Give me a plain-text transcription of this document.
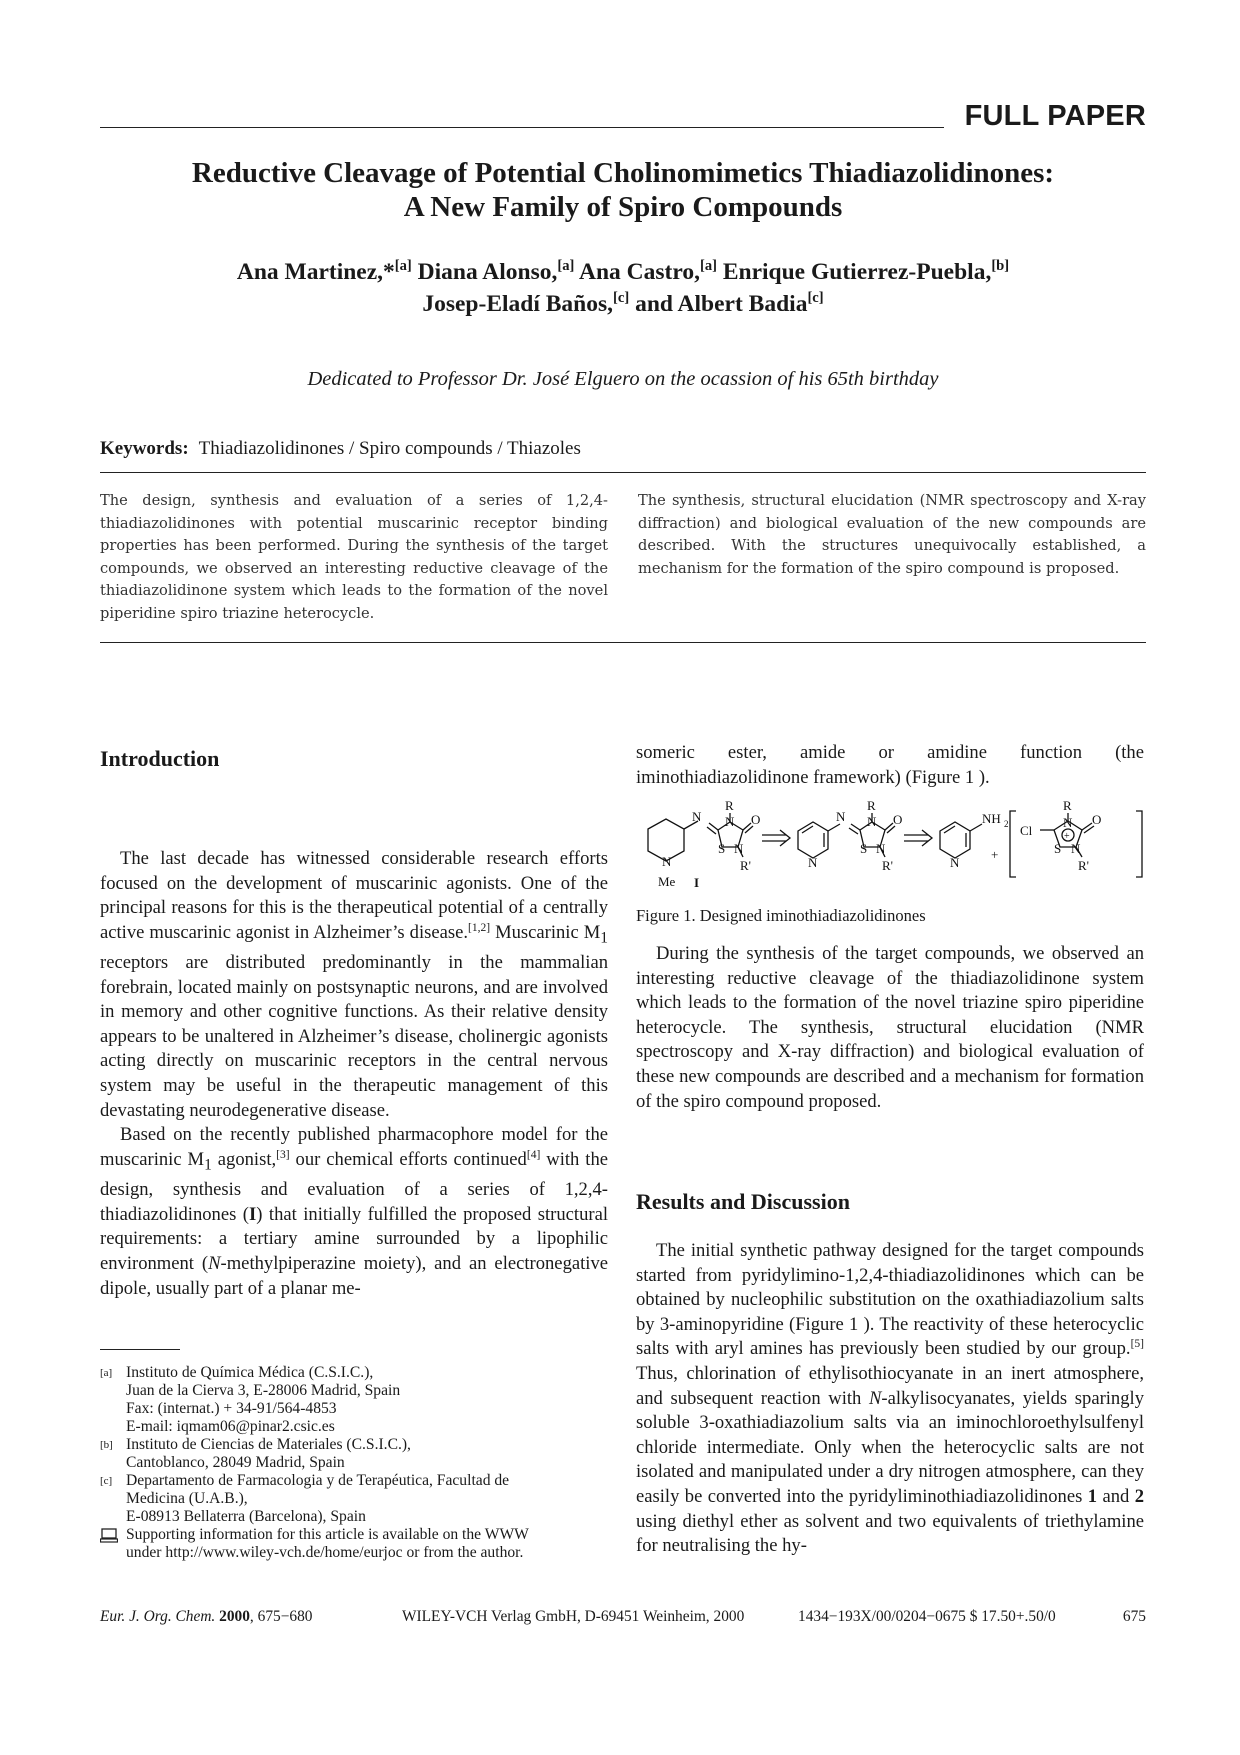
FULL PAPER
Reductive Cleavage of Potential Cholinomimetics Thiadiazolidinones:
A New Family of Spiro Compounds
Ana Martinez,*[a] Diana Alonso,[a] Ana Castro,[a] Enrique Gutierrez-Puebla,[b]
Josep-Eladí Baños,[c] and Albert Badia[c]
Dedicated to Professor Dr. José Elguero on the ocassion of his 65th birthday
Keywords: Thiadiazolidinones / Spiro compounds / Thiazoles
The design, synthesis and evaluation of a series of 1,2,4-thiadiazolidinones with potential muscarinic receptor binding properties has been performed. During the synthesis of the target compounds, we observed an interesting reductive cleavage of the thiadiazolidinone system which leads to the formation of the novel piperidine spiro triazine heterocycle.
The synthesis, structural elucidation (NMR spectroscopy and X-ray diffraction) and biological evaluation of the new compounds are described. With the structures unequivocally established, a mechanism for the formation of the spiro compound is proposed.
Introduction

The last decade has witnessed considerable research efforts focused on the development of muscarinic agonists. One of the principal reasons for this is the therapeutical potential of a centrally active muscarinic agonist in Alzheimer’s disease.[1,2] Muscarinic $M_1$ receptors are distributed predominantly in the mammalian forebrain, located mainly on postsynaptic neurons, and are involved in memory and other cognitive functions. As their relative density appears to be unaltered in Alzheimer’s disease, cholinergic agonists acting directly on muscarinic receptors in the central nervous system may be useful in the therapeutic management of this devastating neurodegenerative disease.

Based on the recently published pharmacophore model for the muscarinic $M_1$ agonist,[3] our chemical efforts continued[4] with the design, synthesis and evaluation of a series of 1,2,4-thiadiazolidinones (I) that initially fulfilled the proposed structural requirements: a tertiary amine surrounded by a lipophilic environment (N-methylpiperazine moiety), and an electronegative dipole, usually part of a planar me-

[a] Instituto de Química Médica (C.S.I.C.),
Juan de la Cierva 3, E-28006 Madrid, Spain
Fax: (internat.) + 34-91/564-4853
E-mail: iqmam06@pinar2.csic.es
[b] Instituto de Ciencias de Materiales (C.S.I.C.),
Cantoblanco, 28049 Madrid, Spain
[c] Departamento de Farmacologia y de Terapéutica, Facultad de
Medicina (U.A.B.),
E-08913 Bellaterra (Barcelona), Spain
Supporting information for this article is available on the WWW
under http://www.wiley-vch.de/home/eurjoc or from the author.

someric ester, amide or amidine function (the iminothiadiazolidinone framework) (Figure 1 ).

N
Me I
N
R
N O
S N
R'	N
N
R
N O
S N
R'	N
NH 2
+
Cl
R
N
+
O
S N
R'
Figure 1. Designed iminothiadiazolidinones

During the synthesis of the target compounds, we observed an interesting reductive cleavage of the thiadiazolidinone system which leads to the formation of the novel triazine spiro piperidine heterocycle. The synthesis, structural elucidation (NMR spectroscopy and X-ray diffraction) and biological evaluation of these new compounds are described and a mechanism for formation of the spiro compound proposed.

Results and Discussion

The initial synthetic pathway designed for the target compounds started from pyridylimino-1,2,4-thiadiazolidinones which can be obtained by nucleophilic substitution on the oxathiadiazolium salts by 3-aminopyridine (Figure 1 ). The reactivity of these heterocyclic salts with aryl amines has previously been studied by our group.[5] Thus, chlorination of ethylisothiocyanate in an inert atmosphere, and subsequent reaction with N-alkylisocyanates, yields sparingly soluble 3-oxathiadiazolium salts via an iminochloroethylsulfenyl chloride intermediate. Only when the heterocyclic salts are not isolated and manipulated under a dry nitrogen atmosphere, can they easily be converted into the pyridyliminothiadiazolidinones 1 and 2 using diethyl ether as solvent and two equivalents of triethylamine for neutralising the hy-

Eur. J. Org. Chem. 2000, 675−680	WILEY-VCH Verlag GmbH, D-69451 Weinheim, 2000	1434−193X/00/0204−0675 $ 17.50+.50/0	675
